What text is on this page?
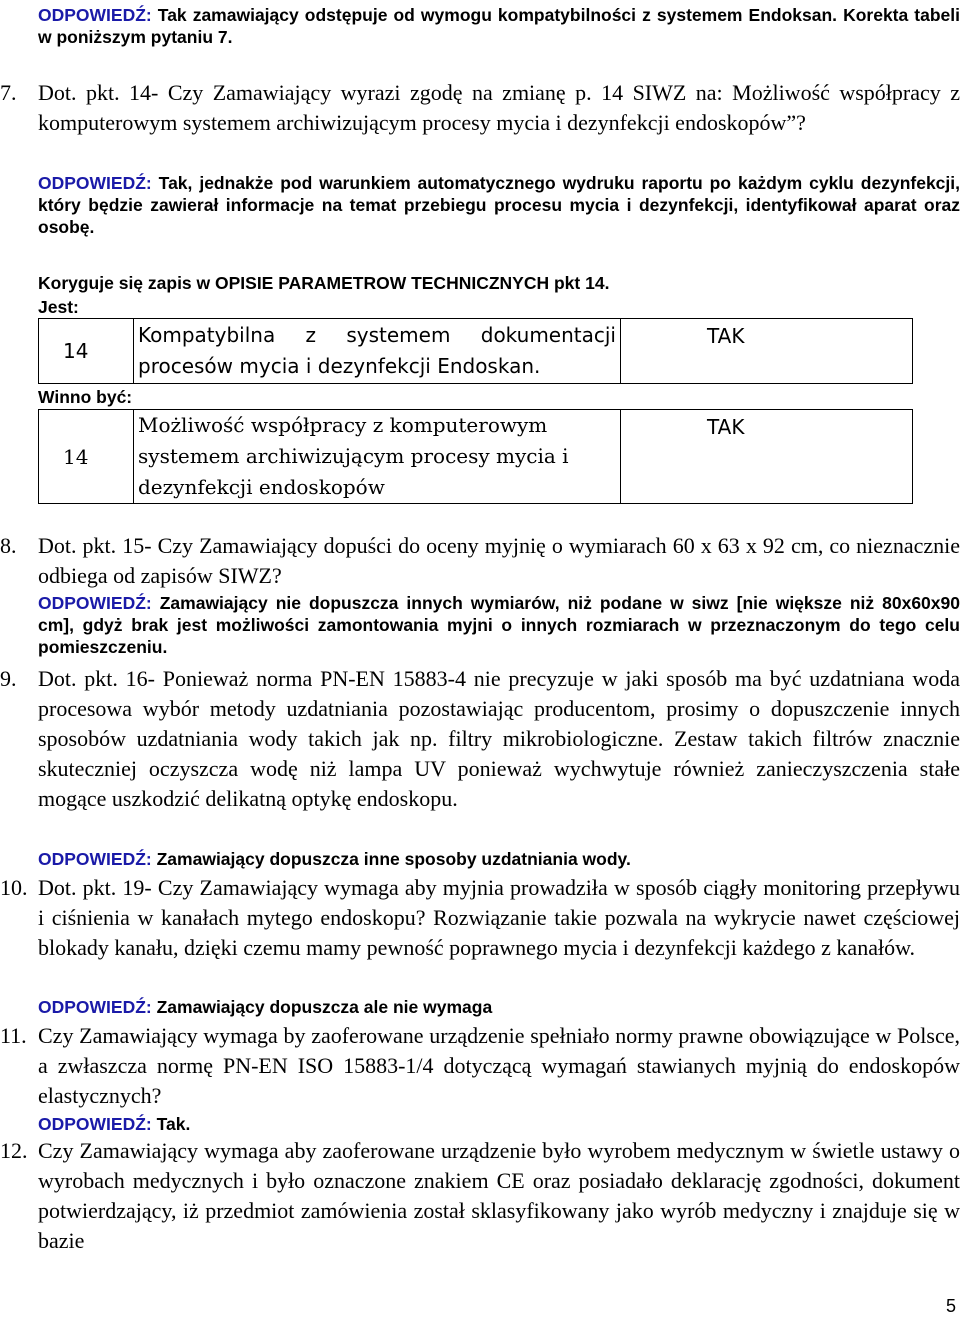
ODPOWIEDŹ: Tak zamawiający odstępuje od wymogu kompatybilności z systemem Endoksan. Korekta tabeli w poniższym pytaniu 7.

7. Dot. pkt. 14- Czy Zamawiający wyrazi zgodę na zmianę p. 14 SIWZ na: Możliwość współpracy z komputerowym systemem archiwizującym procesy mycia i dezynfekcji endoskopów”?

ODPOWIEDŹ: Tak, jednakże pod warunkiem automatycznego wydruku raportu po każdym cyklu dezynfekcji, który będzie zawierał informacje na temat przebiegu procesu mycia i dezynfekcji, identyfikował aparat oraz osobę.

Koryguje się zapis w OPISIE PARAMETROW TECHNICZNYCH pkt 14.

Jest:

14	Kompatybilna z systemem dokumentacji procesów mycia i dezynfekcji Endoskan.	TAK

Winno być:

14	Możliwość współpracy z komputerowym systemem archiwizującym procesy mycia i dezynfekcji endoskopów	TAK
8. Dot. pkt. 15- Czy Zamawiający dopuści do oceny myjnię o wymiarach 60 x 63 x 92 cm, co nieznacznie odbiega od zapisów SIWZ?

ODPOWIEDŹ: Zamawiający nie dopuszcza innych wymiarów, niż podane w siwz [nie większe niż 80x60x90 cm], gdyż brak jest możliwości zamontowania myjni o innych rozmiarach w przeznaczonym do tego celu pomieszczeniu.

9. Dot. pkt. 16- Ponieważ norma PN-EN 15883-4 nie precyzuje w jaki sposób ma być uzdatniana woda procesowa wybór metody uzdatniania pozostawiając producentom, prosimy o dopuszczenie innych sposobów uzdatniania wody takich jak np. filtry mikrobiologiczne. Zestaw takich filtrów znacznie skuteczniej oczyszcza wodę niż lampa UV ponieważ wychwytuje również zanieczyszczenia stałe mogące uszkodzić delikatną optykę endoskopu.

ODPOWIEDŹ: Zamawiający dopuszcza inne sposoby uzdatniania wody.

10. Dot. pkt. 19- Czy Zamawiający wymaga aby myjnia prowadziła w sposób ciągły monitoring przepływu i ciśnienia w kanałach mytego endoskopu? Rozwiązanie takie pozwala na wykrycie nawet częściowej blokady kanału, dzięki czemu mamy pewność poprawnego mycia i dezynfekcji każdego z kanałów.

ODPOWIEDŹ: Zamawiający dopuszcza ale nie wymaga

11. Czy Zamawiający wymaga by zaoferowane urządzenie spełniało normy prawne obowiązujące w Polsce, a zwłaszcza normę PN-EN ISO 15883-1/4 dotyczącą wymagań stawianych myjnią do endoskopów elastycznych?

ODPOWIEDŹ: Tak.

12. Czy Zamawiający wymaga aby zaoferowane urządzenie było wyrobem medycznym w świetle ustawy o wyrobach medycznych i było oznaczone znakiem CE oraz posiadało deklarację zgodności, dokument potwierdzający, iż przedmiot zamówienia został sklasyfikowany jako wyrób medyczny i znajduje się w bazie
5
